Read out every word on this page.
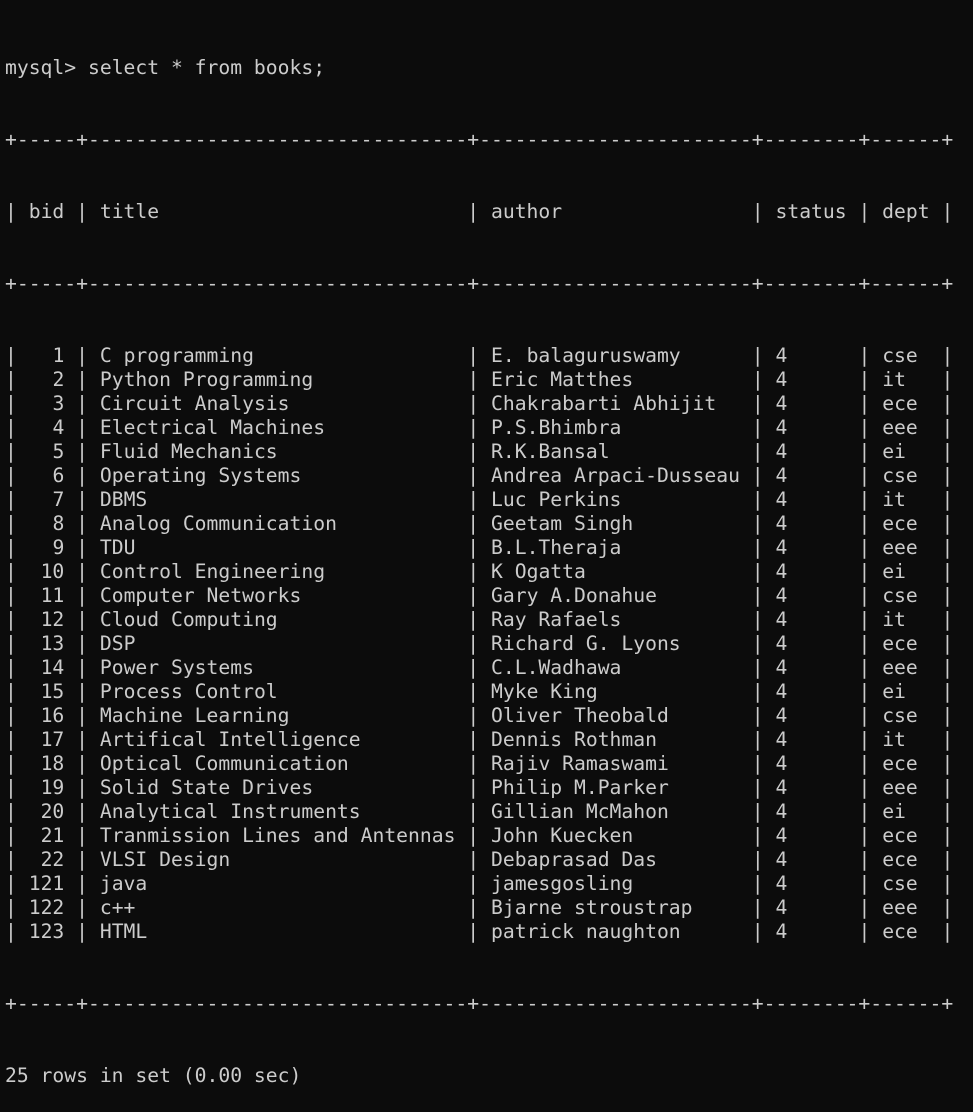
mysql> select * from books;

+-----+--------------------------------+-----------------------+--------+------+

| bid | title	| author	| status | dept |

+-----+--------------------------------+-----------------------+--------+------+

|   1 | C programming	| E. balaguruswamy	| 4	| cse  |
|   2 | Python Programming	| Eric Matthes	| 4	| it   |
|   3 | Circuit Analysis	| Chakrabarti Abhijit   | 4	| ece  |
|   4 | Electrical Machines	| P.S.Bhimbra	| 4	| eee  |
|   5 | Fluid Mechanics	| R.K.Bansal	| 4	| ei   |
|   6 | Operating Systems	| Andrea Arpaci-Dusseau | 4	| cse  |
|   7 | DBMS	| Luc Perkins	| 4	| it   |
|   8 | Analog Communication	| Geetam Singh	| 4	| ece  |
|   9 | TDU	| B.L.Theraja	| 4	| eee  |
|  10 | Control Engineering	| K Ogatta	| 4	| ei   |
|  11 | Computer Networks	| Gary A.Donahue	| 4	| cse  |
|  12 | Cloud Computing	| Ray Rafaels	| 4	| it   |
|  13 | DSP	| Richard G. Lyons	| 4	| ece  |
|  14 | Power Systems	| C.L.Wadhawa	| 4	| eee  |
|  15 | Process Control	| Myke King	| 4	| ei   |
|  16 | Machine Learning	| Oliver Theobald	| 4	| cse  |
|  17 | Artifical Intelligence	| Dennis Rothman	| 4	| it   |
|  18 | Optical Communication	| Rajiv Ramaswami	| 4	| ece  |
|  19 | Solid State Drives	| Philip M.Parker	| 4	| eee  |
|  20 | Analytical Instruments	| Gillian McMahon	| 4	| ei   |
|  21 | Tranmission Lines and Antennas | John Kuecken	| 4	| ece  |
|  22 | VLSI Design	| Debaprasad Das	| 4	| ece  |
| 121 | java	| jamesgosling	| 4	| cse  |
| 122 | c++	| Bjarne stroustrap     | 4	| eee  |
| 123 | HTML	| patrick naughton	| 4	| ece  |

+-----+--------------------------------+-----------------------+--------+------+

25 rows in set (0.00 sec)
